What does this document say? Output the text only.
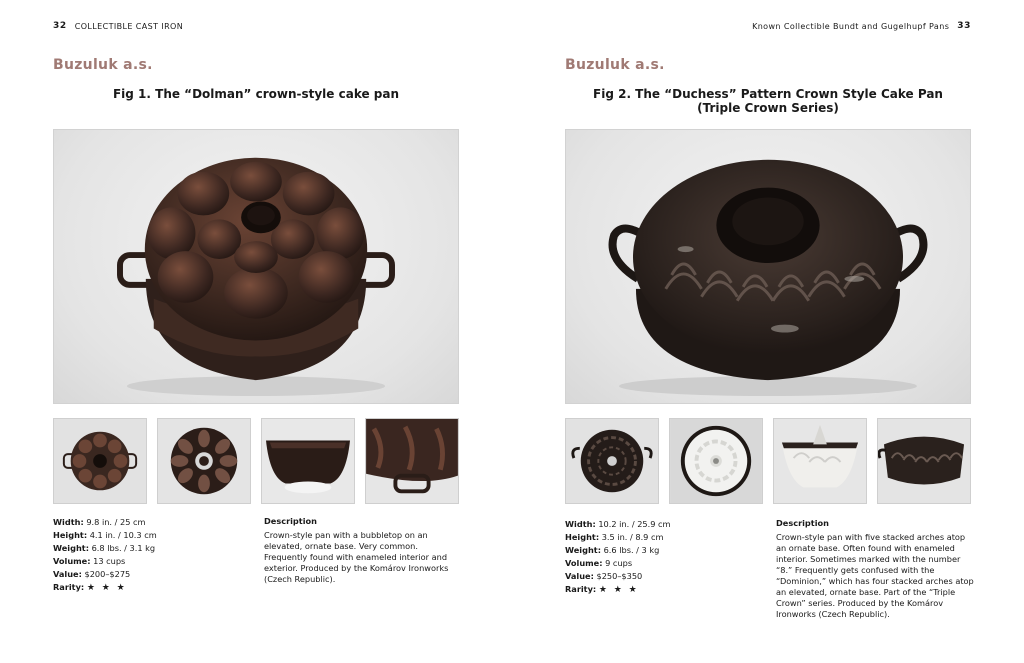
32 COLLECTIBLE CAST IRON
Buzuluk a.s.
Fig 1. The “Dolman” crown-style cake pan
Width: 9.8 in. / 25 cm
Height: 4.1 in. / 10.3 cm
Weight: 6.8 lbs. / 3.1 kg
Volume: 13 cups
Value: $200–$275
Rarity: ★ ★ ★
Description
Crown-style pan with a bubbletop on an elevated, ornate base. Very common. Frequently found with enameled interior and exterior. Produced by the Komárov Ironworks (Czech Republic).
Known Collectible Bundt and Gugelhupf Pans 33
Buzuluk a.s.
Fig 2. The “Duchess” Pattern Crown Style Cake Pan
(Triple Crown Series)
Width: 10.2 in. / 25.9 cm
Height: 3.5 in. / 8.9 cm
Weight: 6.6 lbs. / 3 kg
Volume: 9 cups
Value: $250–$350
Rarity: ★ ★ ★
Description
Crown-style pan with five stacked arches atop an ornate base. Often found with enameled interior. Sometimes marked with the number “8.” Frequently gets confused with the “Dominion,” which has four stacked arches atop an elevated, ornate base. Part of the “Triple Crown” series. Produced by the Komárov Ironworks (Czech Republic).
